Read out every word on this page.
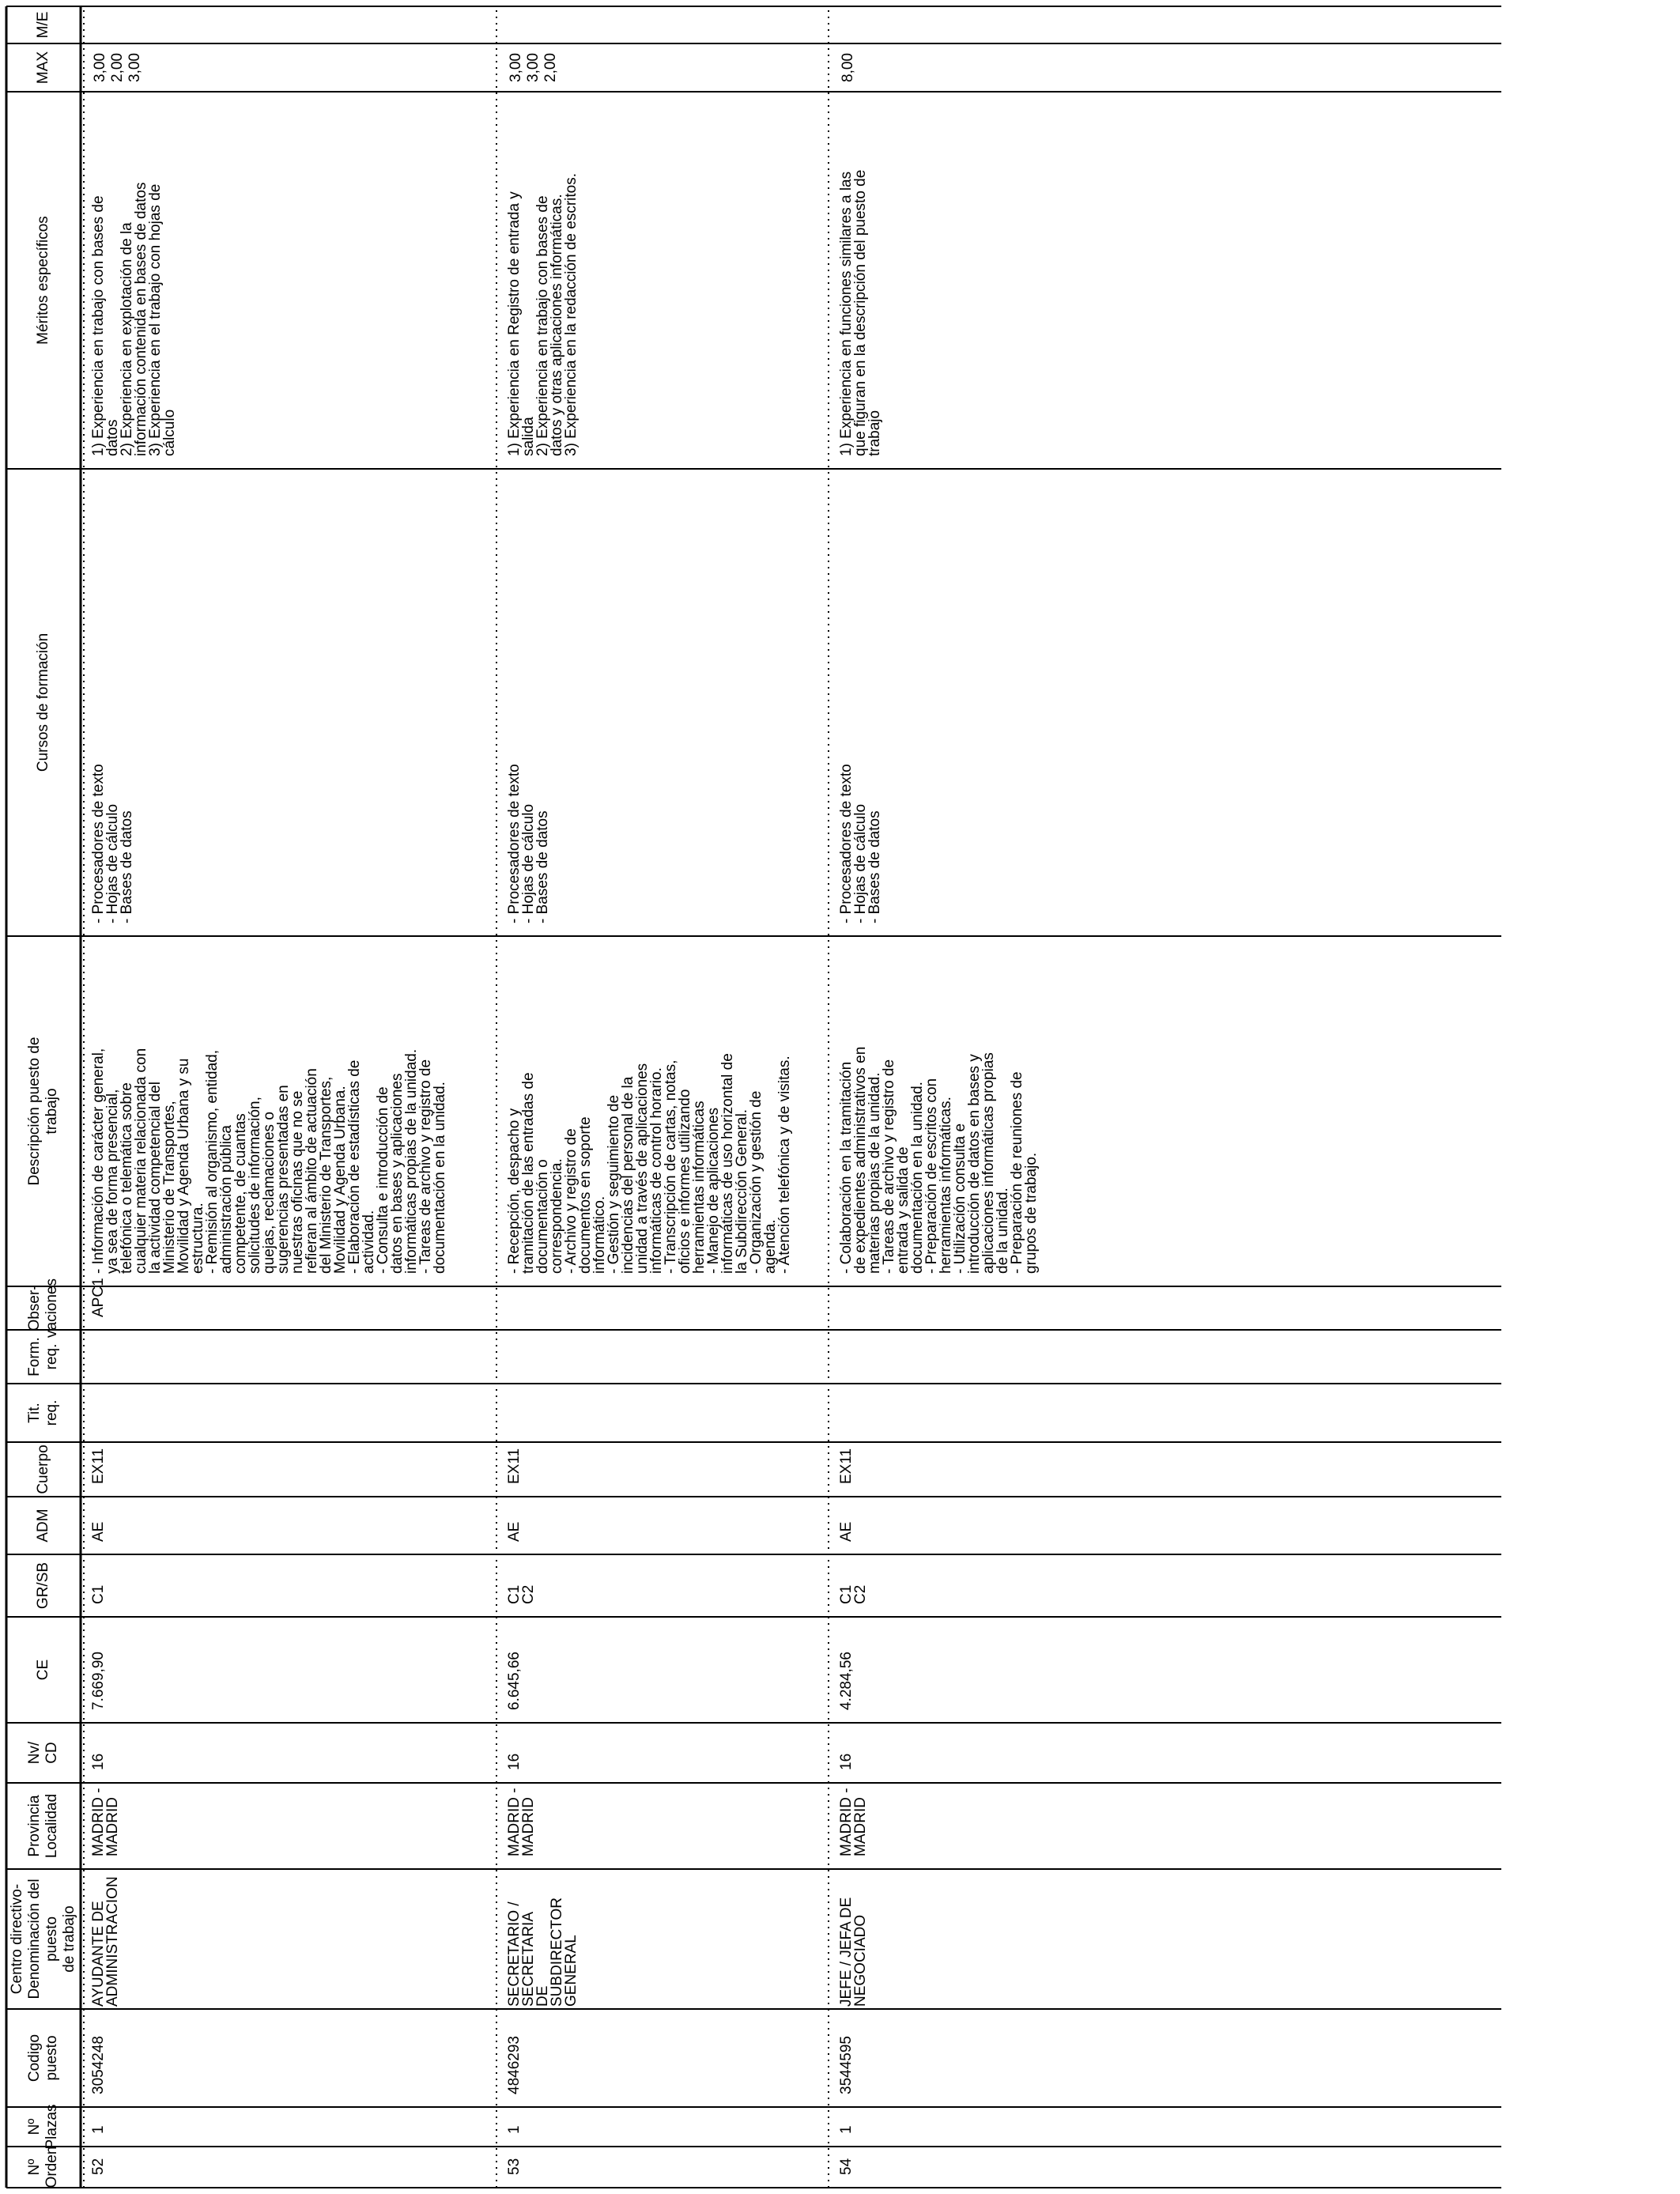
Nº
Orden
Nº
Plazas
Codigo
puesto
Centro directivo-
Denominación del puesto
de trabajo
Provincia
Localidad
Nv/
CD
CE
GR/SB
ADM
Cuerpo
Tit.
req.
Form.
req.
Obser-
vaciones
Descripción puesto de
trabajo
Cursos de formación
Méritos específicos
MAX
M/E
52
1
3054248
AYUDANTE DE
ADMINISTRACION
MADRID -
MADRID
16
7.669,90
C1
AE
EX11
APC1
- Información de carácter general,
ya sea de forma presencial,
telefónica o telemática sobre
cualquier materia relacionada con
la actividad competencial del
Ministerio de Transportes,
Movilidad y Agenda Urbana y su
estructura.
- Remisión al organismo, entidad,
administración pública
competente, de cuantas
solicitudes de información,
quejas, reclamaciones o
sugerencias presentadas en
nuestras oficinas que no se
refieran al ámbito de actuación
del Ministerio de Transportes,
Movilidad y Agenda Urbana.
- Elaboración de estadísticas de
actividad.
- Consulta e introducción de
datos en bases y aplicaciones
informáticas propias de la unidad.
- Tareas de archivo y registro de
documentación en la unidad.
- Procesadores de texto
- Hojas de cálculo
- Bases de datos
1) Experiencia en trabajo con bases de
datos
2) Experiencia en explotación de la
información contenida en bases de datos
3) Experiencia en el trabajo con hojas de
cálculo
3,00 2,00 3,00
53
1
4846293
SECRETARIO / SECRETARIA
DE SUBDIRECTOR GENERAL
MADRID -
MADRID
16
6.645,66
C1
C2
AE
EX11
- Recepción, despacho y
tramitación de las entradas de
documentación o
correspondencia.
- Archivo y registro de
documentos en soporte
informático.
- Gestión y seguimiento de
incidencias del personal de la
unidad a través de aplicaciones
informáticas de control horario.
- Transcripción de cartas, notas,
oficios e informes utilizando
herramientas informáticas
- Manejo de aplicaciones
informáticas de uso horizontal de
la Subdirección General.
- Organización y gestión de
agenda.
- Atención telefónica y de visitas.
- Procesadores de texto
- Hojas de cálculo
- Bases de datos
1) Experiencia en Registro de entrada y
salida
2) Experiencia en trabajo con bases de
datos y otras aplicaciones informáticas.
3) Experiencia en la redacción de escritos.
3,00 3,00 2,00
54
1
3544595
JEFE / JEFA DE NEGOCIADO
MADRID -
MADRID
16
4.284,56
C1
C2
AE
EX11
- Colaboración en la tramitación
de expedientes administrativos en
materias propias de la unidad.
- Tareas de archivo y registro de
entrada y salida de
documentación en la unidad.
- Preparación de escritos con
herramientas informáticas.
- Utilización consulta e
introducción de datos en bases y
aplicaciones informáticas propias
de la unidad.
- Preparación de reuniones de
grupos de trabajo.
- Procesadores de texto
- Hojas de cálculo
- Bases de datos
1) Experiencia en funciones similares a las
que figuran en la descripción del puesto de
trabajo
8,00
